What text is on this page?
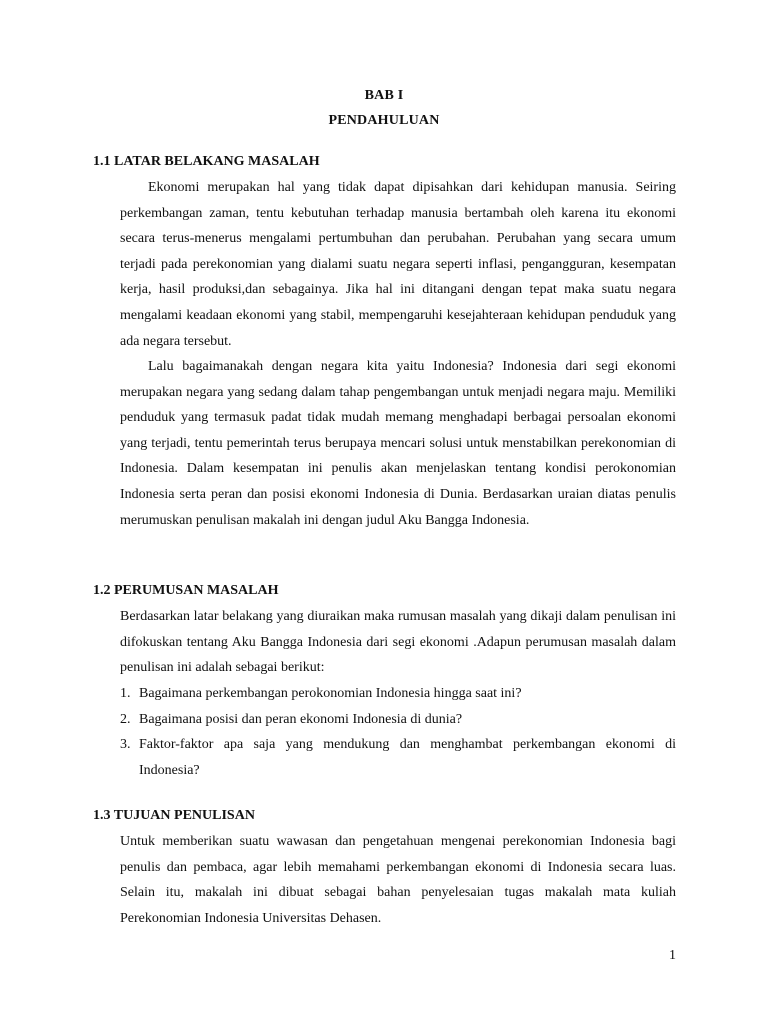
BAB I
PENDAHULUAN
1.1 LATAR BELAKANG MASALAH

Ekonomi merupakan hal yang tidak dapat dipisahkan dari kehidupan manusia. Seiring perkembangan zaman, tentu kebutuhan terhadap manusia bertambah oleh karena itu ekonomi secara terus-menerus mengalami pertumbuhan dan perubahan. Perubahan yang secara umum terjadi pada perekonomian yang dialami suatu negara seperti inflasi, pengangguran, kesempatan kerja, hasil produksi,dan sebagainya. Jika hal ini ditangani dengan tepat maka suatu negara mengalami keadaan ekonomi yang stabil, mempengaruhi kesejahteraan kehidupan penduduk yang ada negara tersebut.

Lalu bagaimanakah dengan negara kita yaitu Indonesia? Indonesia dari segi ekonomi merupakan negara yang sedang dalam tahap pengembangan untuk menjadi negara maju. Memiliki penduduk yang termasuk padat tidak mudah memang menghadapi berbagai persoalan ekonomi yang terjadi, tentu pemerintah terus berupaya mencari solusi untuk menstabilkan perekonomian di Indonesia. Dalam kesempatan ini penulis akan menjelaskan tentang kondisi perokonomian Indonesia serta peran dan posisi ekonomi Indonesia di Dunia. Berdasarkan uraian diatas penulis merumuskan penulisan makalah ini dengan judul Aku Bangga Indonesia.

1.2 PERUMUSAN MASALAH

Berdasarkan latar belakang yang diuraikan maka rumusan masalah yang dikaji dalam penulisan ini difokuskan tentang Aku Bangga Indonesia dari segi ekonomi .Adapun perumusan masalah dalam penulisan ini adalah sebagai berikut:

1. Bagaimana perkembangan perokonomian Indonesia hingga saat ini?
2. Bagaimana posisi dan peran ekonomi Indonesia di dunia?
3. Faktor-faktor apa saja yang mendukung dan menghambat perkembangan ekonomi di Indonesia?
1.3 TUJUAN PENULISAN

Untuk memberikan suatu wawasan dan pengetahuan mengenai perekonomian Indonesia bagi penulis dan pembaca, agar lebih memahami perkembangan ekonomi di Indonesia secara luas. Selain itu, makalah ini dibuat sebagai bahan penyelesaian tugas makalah mata kuliah Perekonomian Indonesia Universitas Dehasen.

1
